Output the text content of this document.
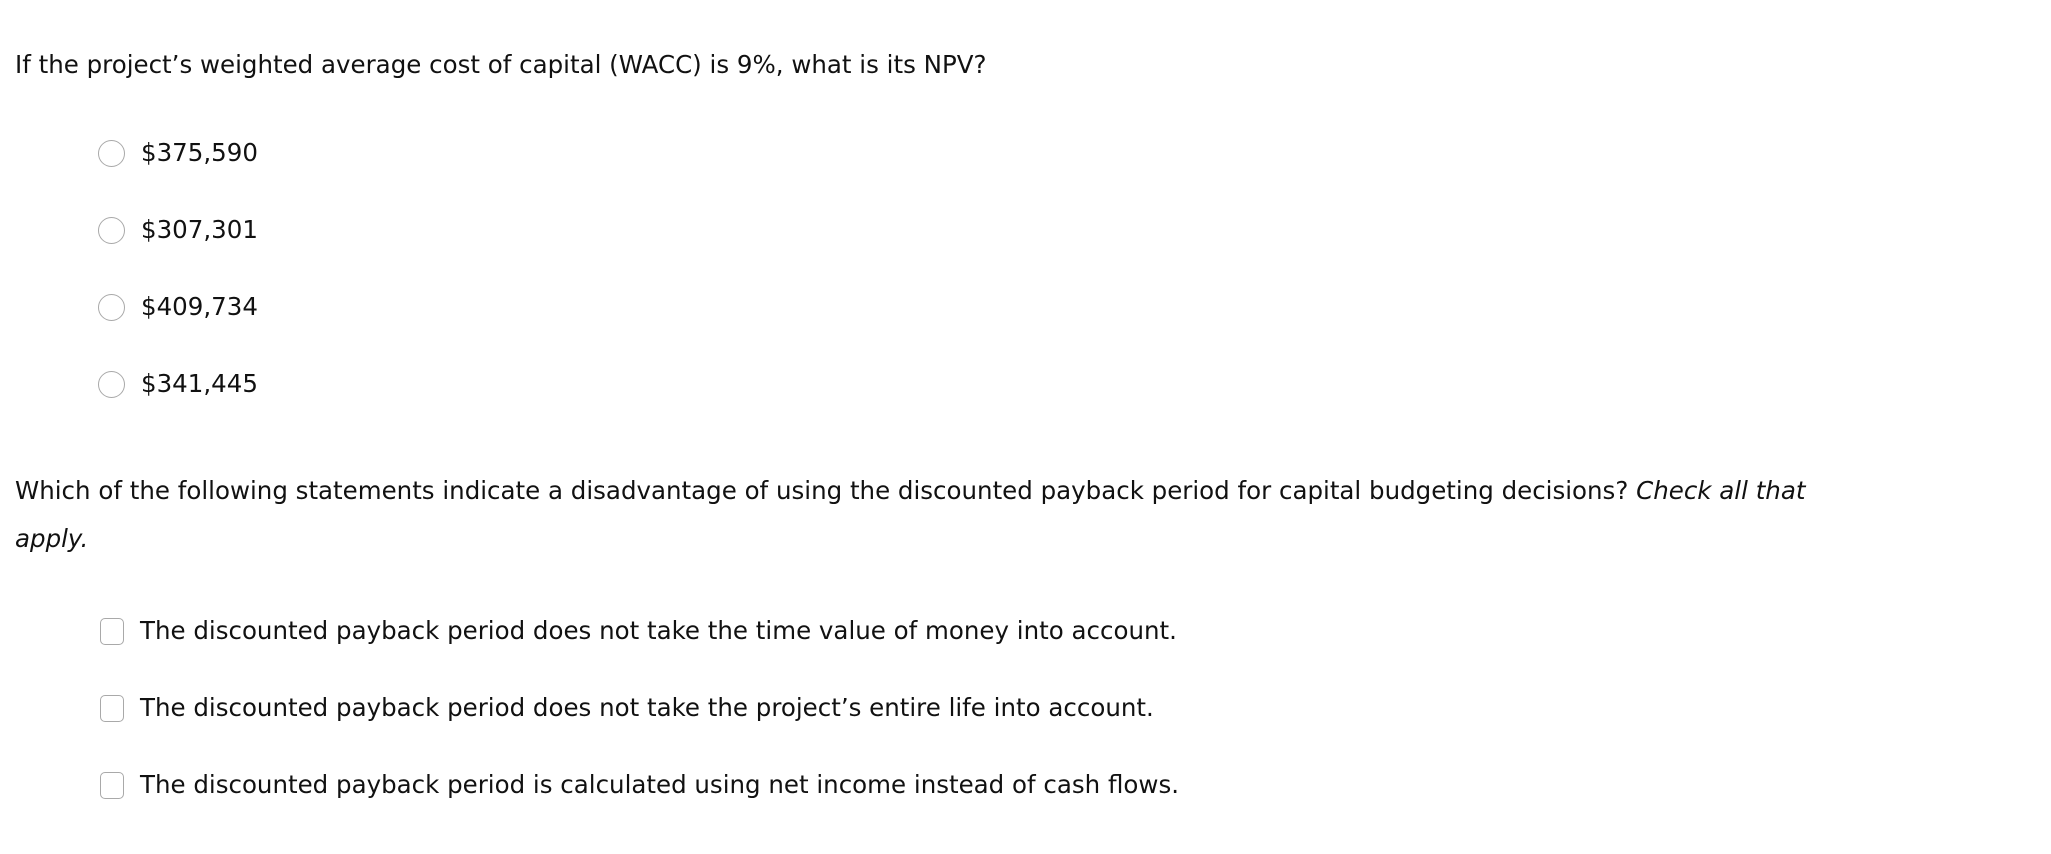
If the project’s weighted average cost of capital (WACC) is 9%, what is its NPV?

$375,590
$307,301
$409,734
$341,445

Which of the following statements indicate a disadvantage of using the discounted payback period for capital budgeting decisions? Check all that apply.

The discounted payback period does not take the time value of money into account.
The discounted payback period does not take the project’s entire life into account.
The discounted payback period is calculated using net income instead of cash flows.
